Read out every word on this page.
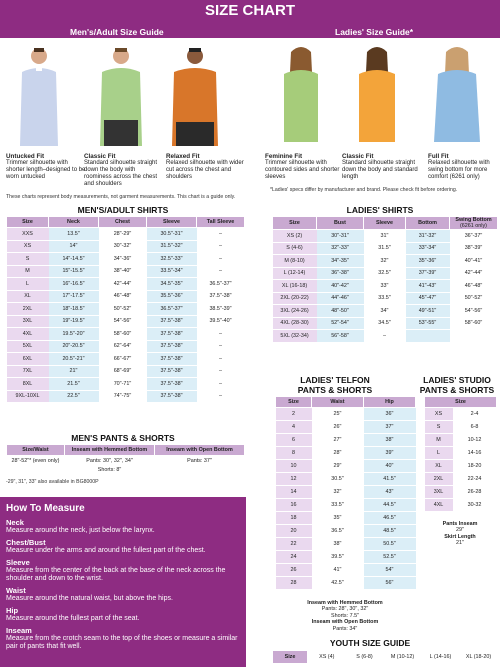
SIZE CHART
Men's/Adult Size Guide	Ladies' Size Guide*
Untucked Fit
Trimmer silhouette with shorter length–designed to be worn untucked
Classic Fit
Standard silhouette straight down the body with roominess across the chest and shoulders
Relaxed Fit
Relaxed silhouette with wider cut across the chest and shoulders
Feminine Fit
Trimmer silhouette with contoured sides and shorter sleeves
Classic Fit
Standard silhouette straight down the body and standard length
Full Fit
Relaxed silhouette with swing bottom for more comfort (6261 only)
These charts represent body measurements, not garment measurements. This chart is a guide only.
*Ladies' specs differ by manufacturer and brand. Please check fit before ordering.
MEN'S/ADULT SHIRTS
Size	Neck	Chest	Sleeve	Tall Sleeve
XXS	13.5"	28"-29"	30.5"-31"	–
XS	14"	30"-32"	31.5"-32"	–
S	14"-14.5"	34"-36"	32.5"-33"	–
M	15"-15.5"	38"-40"	33.5"-34"	–
L	16"-16.5"	42"-44"	34.5"-35"	36.5"-37"
XL	17"-17.5"	46"-48"	35.5"-36"	37.5"-38"
2XL	18"-18.5"	50"-52"	36.5"-37"	38.5"-39"
3XL	19"-19.5"	54"-56"	37.5"-38"	39.5"-40"
4XL	19.5"-20"	58"-60"	37.5"-38"	–
5XL	20"-20.5"	62"-64"	37.5"-38"	–
6XL	20.5"-21"	66"-67"	37.5"-38"	–
7XL	21"	68"-69"	37.5"-38"	–
8XL	21.5"	70"-71"	37.5"-38"	–
9XL-10XL	22.5"	74"-75"	37.5"-38"	–
MEN'S PANTS & SHORTS
Size/Waist	Inseam with Hemmed Bottom	Inseam with Open Bottom
28"-52"* (even only)	Pants: 30", 32", 34"	Pants: 37"
	Shorts: 8"	
-29", 31", 33" also available in BG8000P
How To Measure
Neck
Measure around the neck, just below the larynx.
Chest/Bust
Measure under the arms and around the fullest part of the chest.
Sleeve
Measure from the center of the back at the base of the neck across the shoulder and down to the wrist.
Waist
Measure around the natural waist, but above the hips.
Hip
Measure around the fullest part of the seat.
Inseam
Measure from the crotch seam to the top of the shoes or measure a similar pair of pants that fit well.
LADIES' SHIRTS
Size	Bust	Sleeve	Bottom	Swing Bottom
(6261 only)
XS (2)	30"-31"	31"	31"-32"	36"-37"
S (4-6)	32"-33"	31.5"	33"-34"	38"-39"
M (8-10)	34"-35"	32"	35"-36"	40"-41"
L (12-14)	36"-38"	32.5"	37"-39"	42"-44"
XL (16-18)	40"-42"	33"	41"-43"	46"-48"
2XL (20-22)	44"-46"	33.5"	45"-47"	50"-52"
3XL (24-26)	48"-50"	34"	49"-51"	54"-56"
4XL (28-30)	52"-54"	34.5"	53"-55"	58"-60"
5XL (32-34)	56"-58"	–		
LADIES' TELFON
PANTS & SHORTS
Size	Waist	Hip
2	25"	36"
4	26"	37"
6	27"	38"
8	28"	39"
10	29"	40"
12	30.5"	41.5"
14	32"	43"
16	33.5"	44.5"
18	35"	46.5"
20	36.5"	48.5"
22	38"	50.5"
24	39.5"	52.5"
26	41"	54"
28	42.5"	56"
Inseam with Hemmed Bottom
Pants: 28", 30", 32"
Shorts: 7.5"
Inseam with Open Bottom
Pants: 34"
LADIES' STUDIO
PANTS & SHORTS
Size	
XS	2-4
S	6-8
M	10-12
L	14-16
XL	18-20
2XL	22-24
3XL	26-28
4XL	30-32
Pants Inseam
29"
Skirt Length
21"
YOUTH SIZE GUIDE
Size	XS (4)	S (6-8)	M (10-12)	L (14-16)	XL (18-20)
